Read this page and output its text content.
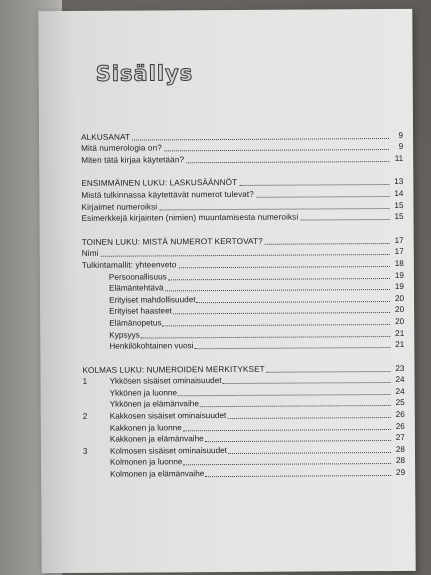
Sisällys
ALKUSANAT	9
Mitä numerologia on?	9
Miten tätä kirjaa käytetään?	11
ENSIMMÄINEN LUKU: LASKUSÄÄNNÖT	13
Mistä tulkinnassa käytettävät numerot tulevat?	14
Kirjaimet numeroiksi	15
Esimerkkejä kirjainten (nimien) muuntamisesta numeroiksi	15
TOINEN LUKU: MISTÄ NUMEROT KERTOVAT?	17
Nimi	17
Tulkintamallit: yhteenveto	18
Persoonallisuus	19
Elämäntehtävä	19
Erityiset mahdollisuudet	20
Erityiset haasteet	20
Elämänopetus	20
Kypsyys	21
Henkilökohtainen vuosi	21
KOLMAS LUKU: NUMEROIDEN MERKITYKSET	23
1	Ykkösen sisäiset ominaisuudet	24
Ykkönen ja luonne	24
Ykkönen ja elämänvaihe	25
2	Kakkosen sisäiset ominaisuudet	26
Kakkonen ja luonne	26
Kakkonen ja elämänvaihe	27
3	Kolmosen sisäiset ominaisuudet	28
Kolmonen ja luonne	28
Kolmonen ja elämänvaihe	29
